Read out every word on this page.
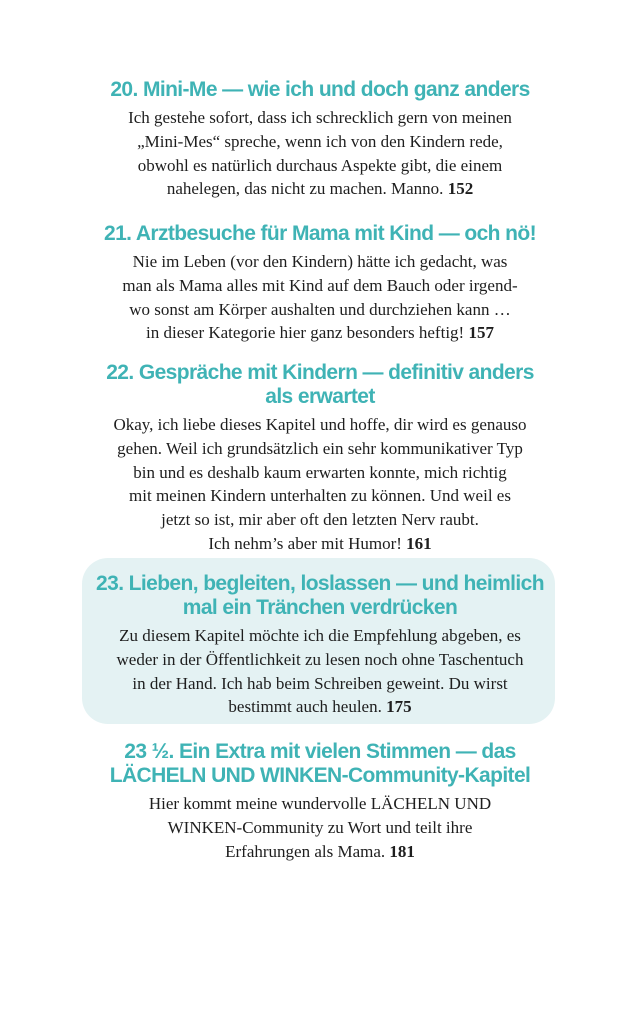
20. Mini-Me — wie ich und doch ganz anders
Ich gestehe sofort, dass ich schrecklich gern von meinen
„Mini-Mes“ spreche, wenn ich von den Kindern rede,
obwohl es natürlich durchaus Aspekte gibt, die einem
nahelegen, das nicht zu machen. Manno. 152
21. Arztbesuche für Mama mit Kind — och nö!
Nie im Leben (vor den Kindern) hätte ich gedacht, was
man als Mama alles mit Kind auf dem Bauch oder irgend-
wo sonst am Körper aushalten und durchziehen kann …
in dieser Kategorie hier ganz besonders heftig! 157
22. Gespräche mit Kindern — definitiv anders als erwartet
Okay, ich liebe dieses Kapitel und hoffe, dir wird es genauso
gehen. Weil ich grundsätzlich ein sehr kommunikativer Typ
bin und es deshalb kaum erwarten konnte, mich richtig
mit meinen Kindern unterhalten zu können. Und weil es
jetzt so ist, mir aber oft den letzten Nerv raubt.
Ich nehm’s aber mit Humor! 161
23. Lieben, begleiten, loslassen — und heimlich mal ein Tränchen verdrücken
Zu diesem Kapitel möchte ich die Empfehlung abgeben, es
weder in der Öffentlichkeit zu lesen noch ohne Taschentuch
in der Hand. Ich hab beim Schreiben geweint. Du wirst
bestimmt auch heulen. 175
23 ½. Ein Extra mit vielen Stimmen — das LÄCHELN UND WINKEN-Community-Kapitel
Hier kommt meine wundervolle LÄCHELN UND
WINKEN-Community zu Wort und teilt ihre
Erfahrungen als Mama. 181
